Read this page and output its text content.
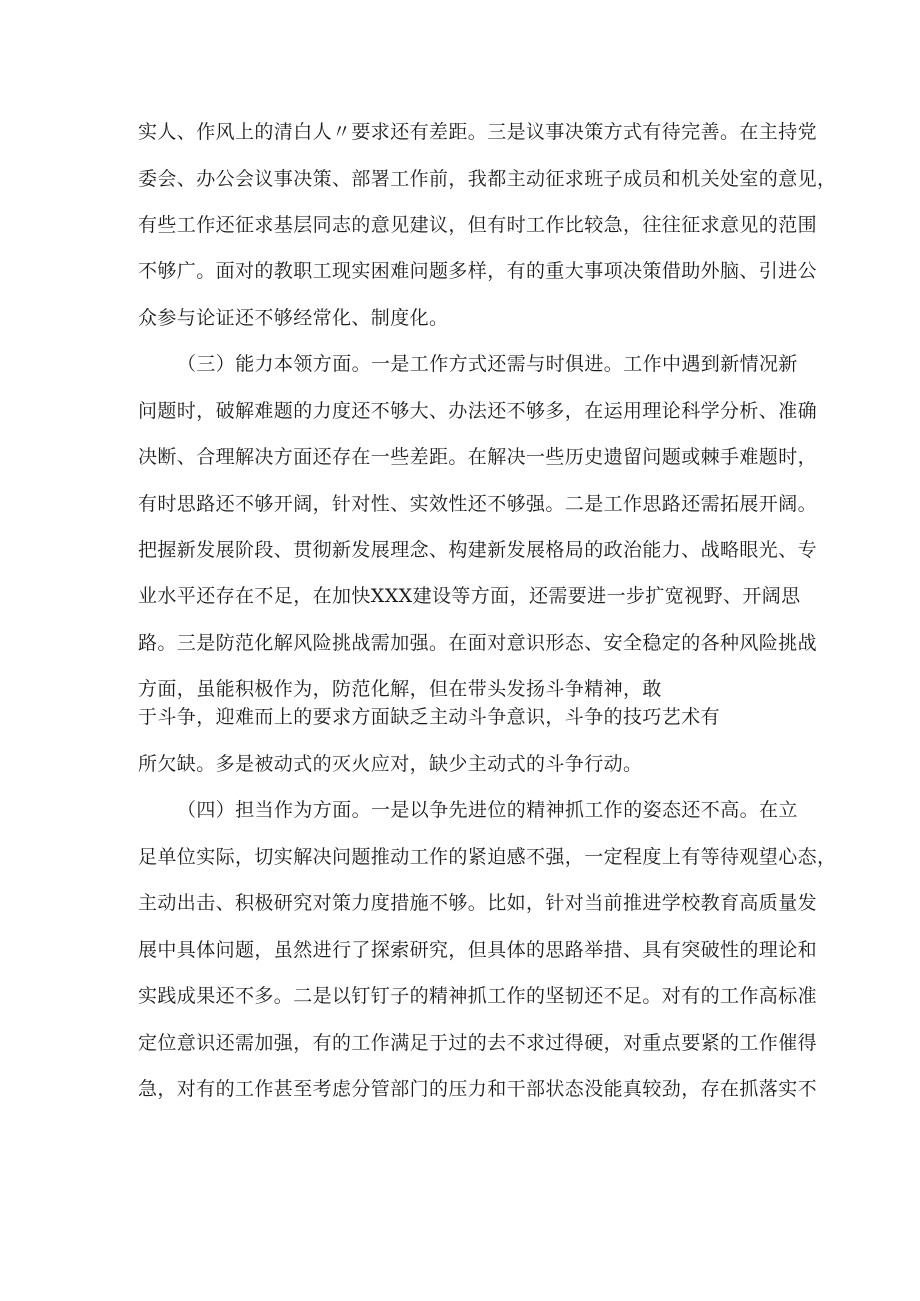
实人、作风上的清白人〃要求还有差距。三是议事决策方式有待完善。在主持党
委会、办公会议事决策、部署工作前，我都主动征求班子成员和机关处室的意见，
有些工作还征求基层同志的意见建议，但有时工作比较急，往往征求意见的范围
不够广。面对的教职工现实困难问题多样，有的重大事项决策借助外脑、引进公
众参与论证还不够经常化、制度化。
（三）能力本领方面。一是工作方式还需与时俱进。工作中遇到新情况新
问题时，破解难题的力度还不够大、办法还不够多，在运用理论科学分析、准确
决断、合理解决方面还存在一些差距。在解决一些历史遗留问题或棘手难题时，
有时思路还不够开阔，针对性、实效性还不够强。二是工作思路还需拓展开阔。
把握新发展阶段、贯彻新发展理念、构建新发展格局的政治能力、战略眼光、专
业水平还存在不足，在加快XXX建设等方面，还需要进一步扩宽视野、开阔思
路。三是防范化解风险挑战需加强。在面对意识形态、安全稳定的各种风险挑战
方面，虽能积极作为，防范化解，但在带头发扬斗争精神，敢
于斗争，迎难而上的要求方面缺乏主动斗争意识，斗争的技巧艺术有
所欠缺。多是被动式的灭火应对，缺少主动式的斗争行动。
（四）担当作为方面。一是以争先进位的精神抓工作的姿态还不高。在立
足单位实际，切实解决问题推动工作的紧迫感不强，一定程度上有等待观望心态，
主动出击、积极研究对策力度措施不够。比如，针对当前推进学校教育高质量发
展中具体问题，虽然进行了探索研究，但具体的思路举措、具有突破性的理论和
实践成果还不多。二是以钉钉子的精神抓工作的坚韧还不足。对有的工作高标准
定位意识还需加强，有的工作满足于过的去不求过得硬，对重点要紧的工作催得
急，对有的工作甚至考虑分管部门的压力和干部状态没能真较劲，存在抓落实不
